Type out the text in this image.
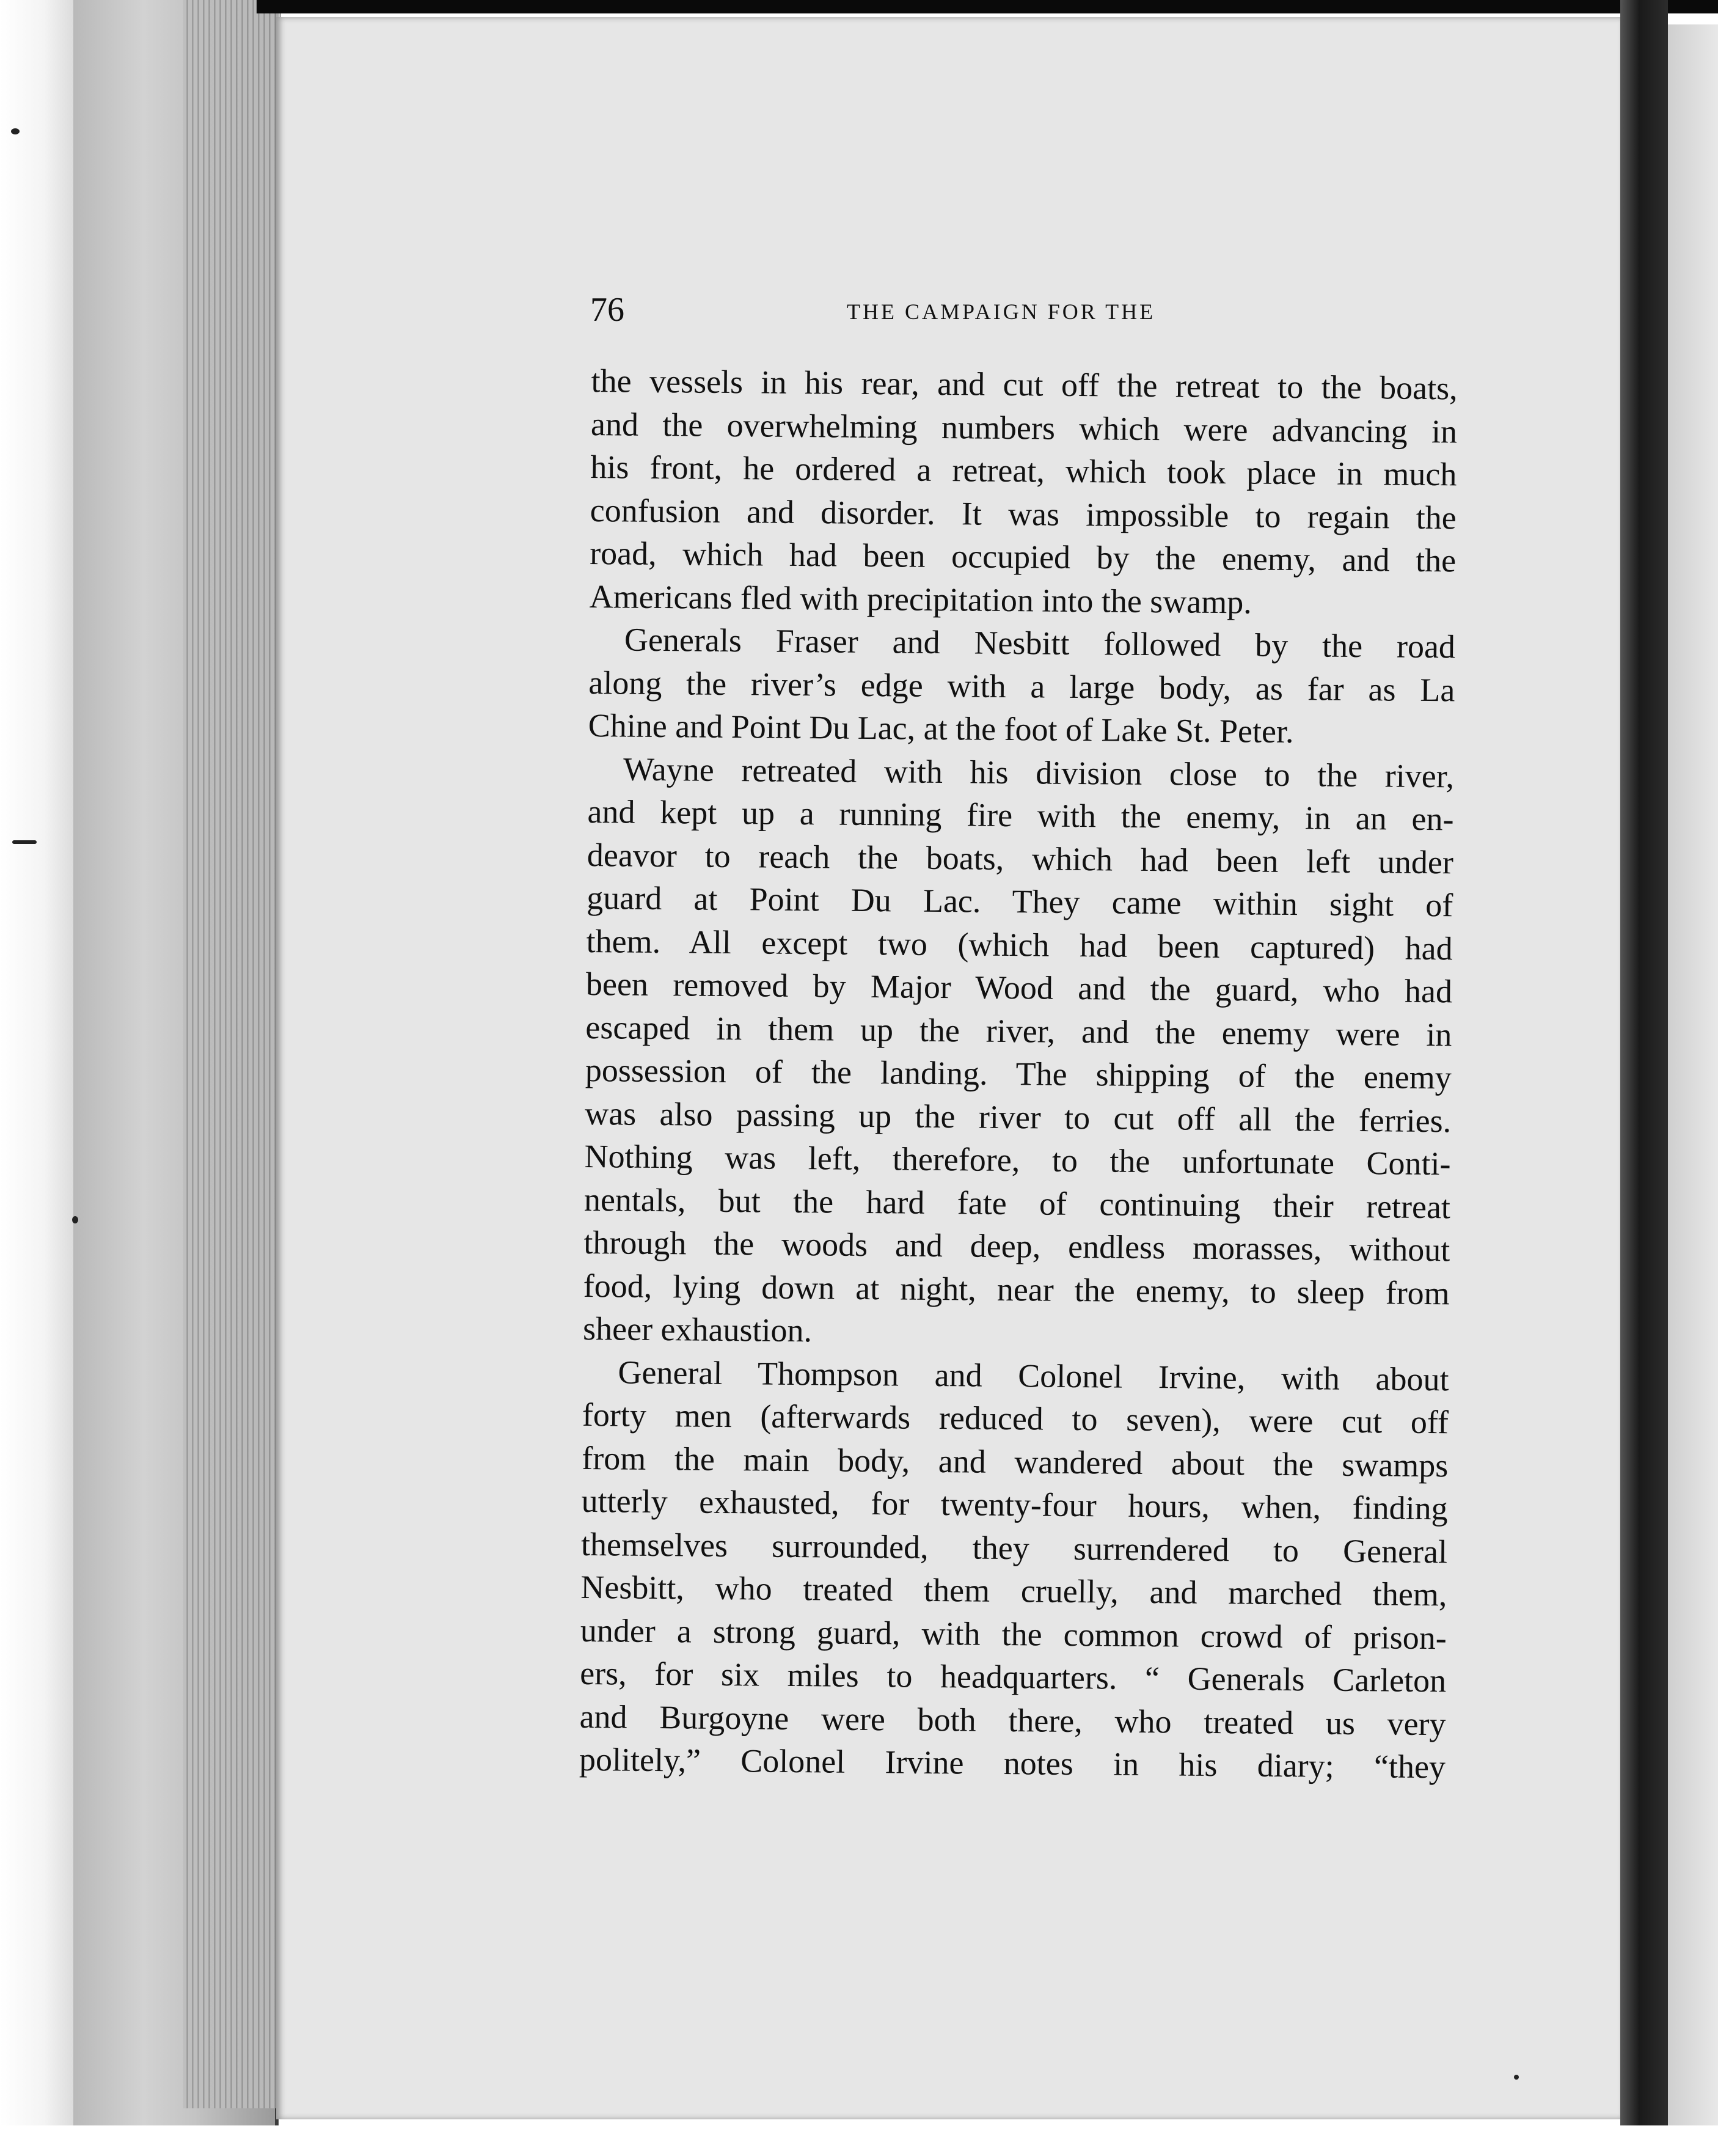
76	THE CAMPAIGN FOR THE
the vessels in his rear, and cut off the retreat to the boats,
and the overwhelming numbers which were advancing in
his front, he ordered a retreat, which took place in much
confusion and disorder. It was impossible to regain the
road, which had been occupied by the enemy, and the
Americans fled with precipitation into the swamp.
Generals Fraser and Nesbitt followed by the road
along the river’s edge with a large body, as far as La
Chine and Point Du Lac, at the foot of Lake St. Peter.
Wayne retreated with his division close to the river,
and kept up a running fire with the enemy, in an en-
deavor to reach the boats, which had been left under
guard at Point Du Lac. They came within sight of
them. All except two (which had been captured) had
been removed by Major Wood and the guard, who had
escaped in them up the river, and the enemy were in
possession of the landing. The shipping of the enemy
was also passing up the river to cut off all the ferries.
Nothing was left, therefore, to the unfortunate Conti-
nentals, but the hard fate of continuing their retreat
through the woods and deep, endless morasses, without
food, lying down at night, near the enemy, to sleep from
sheer exhaustion.
General Thompson and Colonel Irvine, with about
forty men (afterwards reduced to seven), were cut off
from the main body, and wandered about the swamps
utterly exhausted, for twenty-four hours, when, finding
themselves surrounded, they surrendered to General
Nesbitt, who treated them cruelly, and marched them,
under a strong guard, with the common crowd of prison-
ers, for six miles to headquarters. “ Generals Carleton
and Burgoyne were both there, who treated us very
politely,” Colonel Irvine notes in his diary; “they
